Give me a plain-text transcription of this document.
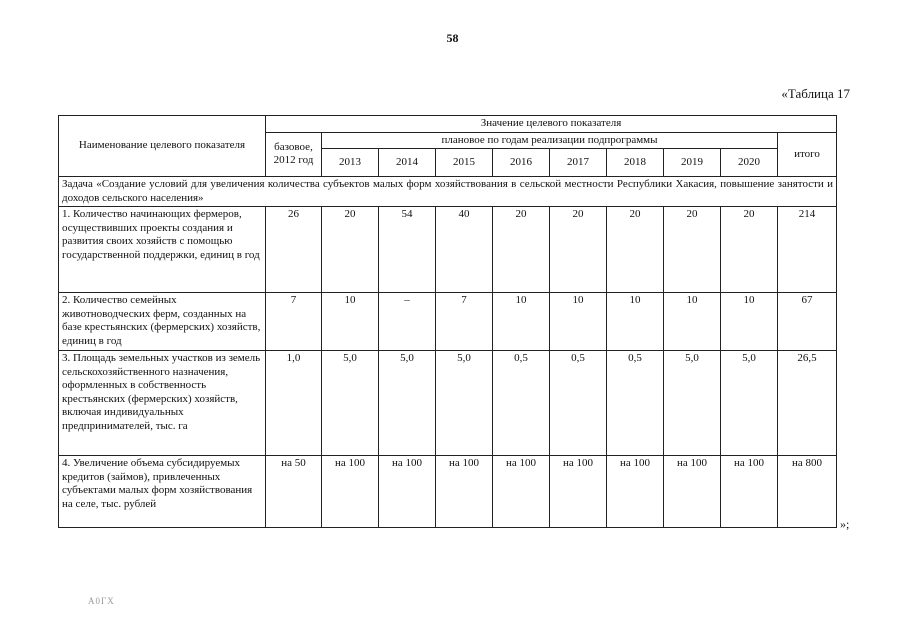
58
«Таблица 17
Наименование целевого показателя	Значение целевого показателя									
	базовое, 2012 год	плановое по годам реализации подпрограммы								итого
		2013	2014	2015	2016	2017	2018	2019	2020	
Задача «Создание условий для увеличения количества субъектов малых форм хозяйствования в сельской местности Республики Хакасия, повышение занятости и доходов сельского населения»										
1. Количество начинающих фермеров, осуществивших проекты создания и развития своих хозяйств с помощью государственной поддержки, единиц в год	26	20	54	40	20	20	20	20	20	214
2. Количество семейных животноводческих ферм, созданных на базе крестьянских (фермерских) хозяйств, единиц в год	7	10	–	7	10	10	10	10	10	67
3. Площадь земельных участков из земель сельскохозяйственного назначения, оформленных в собственность крестьянских (фермерских) хозяйств, включая индивидуальных предпринимателей, тыс. га	1,0	5,0	5,0	5,0	0,5	0,5	0,5	5,0	5,0	26,5
4. Увеличение объема субсидируемых кредитов (займов), привлеченных субъектами малых форм хозяйствования на селе, тыс. рублей	на 50	на 100	на 100	на 100	на 100	на 100	на 100	на 100	на 100	на 800
»;
А0ГХ
